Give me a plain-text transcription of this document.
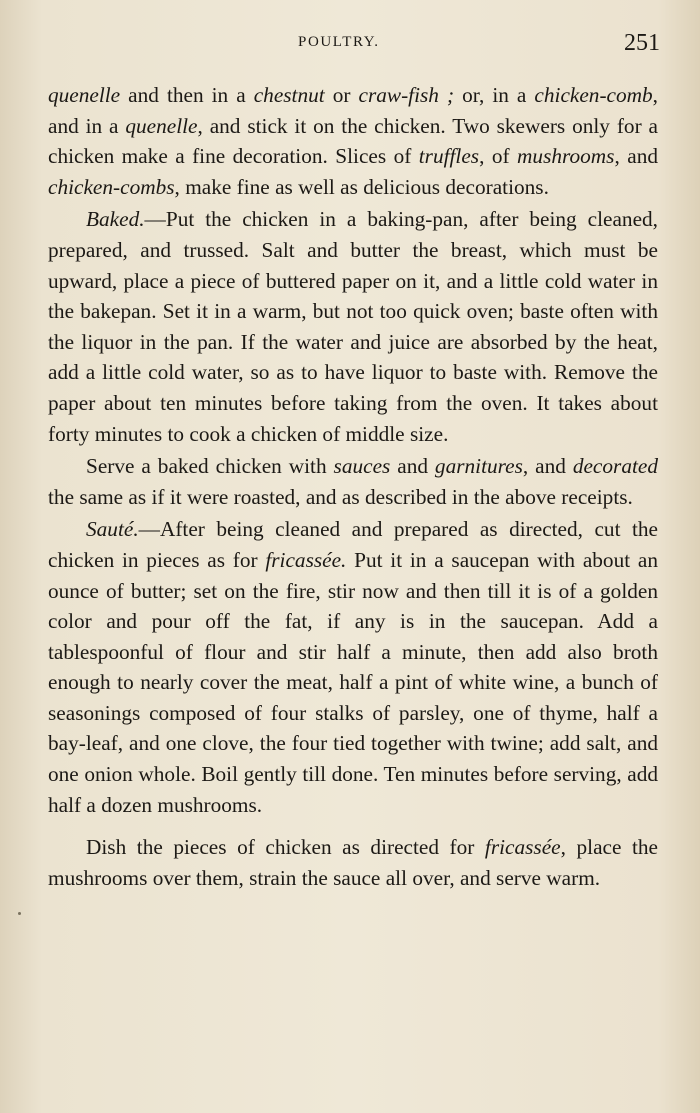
POULTRY.	251

quenelle and then in a chestnut or craw-fish ; or, in a chicken-comb, and in a quenelle, and stick it on the chicken. Two skewers only for a chicken make a fine decoration. Slices of truffles, of mushrooms, and chicken-combs, make fine as well as delicious decorations.

Baked.—Put the chicken in a baking-pan, after being cleaned, prepared, and trussed. Salt and butter the breast, which must be upward, place a piece of buttered paper on it, and a little cold water in the bakepan. Set it in a warm, but not too quick oven; baste often with the liquor in the pan. If the water and juice are absorbed by the heat, add a little cold water, so as to have liquor to baste with. Remove the paper about ten minutes before taking from the oven. It takes about forty minutes to cook a chicken of middle size.

Serve a baked chicken with sauces and garnitures, and decorated the same as if it were roasted, and as described in the above receipts.

Sauté.—After being cleaned and prepared as directed, cut the chicken in pieces as for fricassée. Put it in a saucepan with about an ounce of butter; set on the fire, stir now and then till it is of a golden color and pour off the fat, if any is in the saucepan. Add a tablespoonful of flour and stir half a minute, then add also broth enough to nearly cover the meat, half a pint of white wine, a bunch of seasonings composed of four stalks of parsley, one of thyme, half a bay-leaf, and one clove, the four tied together with twine; add salt, and one onion whole. Boil gently till done. Ten minutes before serving, add half a dozen mushrooms.

Dish the pieces of chicken as directed for fricassée, place the mushrooms over them, strain the sauce all over, and serve warm.
